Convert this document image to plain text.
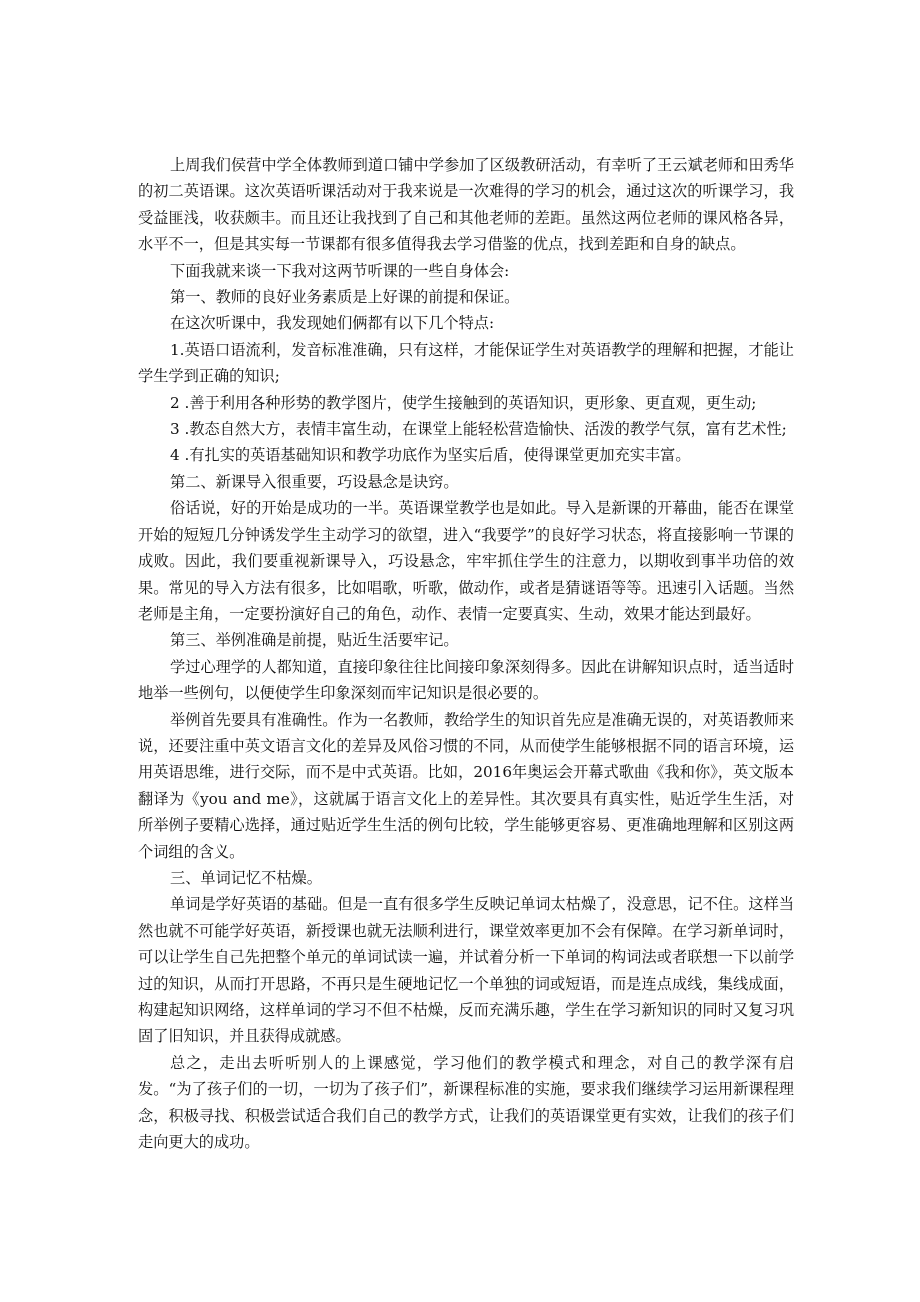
上周我们侯营中学全体教师到道口铺中学参加了区级教研活动，有幸听了王云斌老师和田秀华的初二英语课。这次英语听课活动对于我来说是一次难得的学习的机会，通过这次的听课学习，我受益匪浅，收获颇丰。而且还让我找到了自己和其他老师的差距。虽然这两位老师的课风格各异，水平不一，但是其实每一节课都有很多值得我去学习借鉴的优点，找到差距和自身的缺点。

下面我就来谈一下我对这两节听课的一些自身体会:

第一、教师的良好业务素质是上好课的前提和保证。

在这次听课中，我发现她们俩都有以下几个特点:

1.英语口语流利，发音标准准确，只有这样，才能保证学生对英语教学的理解和把握，才能让学生学到正确的知识;

2 .善于利用各种形势的教学图片，使学生接触到的英语知识，更形象、更直观，更生动;

3 .教态自然大方，表情丰富生动，在课堂上能轻松营造愉快、活泼的教学气氛，富有艺术性;

4 .有扎实的英语基础知识和教学功底作为坚实后盾，使得课堂更加充实丰富。

第二、新课导入很重要，巧设悬念是诀窍。

俗话说，好的开始是成功的一半。英语课堂教学也是如此。导入是新课的开幕曲，能否在课堂开始的短短几分钟诱发学生主动学习的欲望，进入“我要学”的良好学习状态，将直接影响一节课的成败。因此，我们要重视新课导入，巧设悬念，牢牢抓住学生的注意力，以期收到事半功倍的效果。常见的导入方法有很多，比如唱歌，听歌，做动作，或者是猜谜语等等。迅速引入话题。当然老师是主角，一定要扮演好自己的角色，动作、表情一定要真实、生动，效果才能达到最好。

第三、举例准确是前提，贴近生活要牢记。

学过心理学的人都知道，直接印象往往比间接印象深刻得多。因此在讲解知识点时，适当适时地举一些例句，以便使学生印象深刻而牢记知识是很必要的。

举例首先要具有准确性。作为一名教师，教给学生的知识首先应是准确无误的，对英语教师来说，还要注重中英文语言文化的差异及风俗习惯的不同，从而使学生能够根据不同的语言环境，运用英语思维，进行交际，而不是中式英语。比如，2016年奥运会开幕式歌曲《我和你》，英文版本翻译为《you and me》，这就属于语言文化上的差异性。其次要具有真实性，贴近学生生活，对所举例子要精心选择，通过贴近学生生活的例句比较，学生能够更容易、更准确地理解和区别这两个词组的含义。

三、单词记忆不枯燥。

单词是学好英语的基础。但是一直有很多学生反映记单词太枯燥了，没意思，记不住。这样当然也就不可能学好英语，新授课也就无法顺利进行，课堂效率更加不会有保障。在学习新单词时，可以让学生自己先把整个单元的单词试读一遍，并试着分析一下单词的构词法或者联想一下以前学过的知识，从而打开思路，不再只是生硬地记忆一个单独的词或短语，而是连点成线，集线成面，构建起知识网络，这样单词的学习不但不枯燥，反而充满乐趣，学生在学习新知识的同时又复习巩固了旧知识，并且获得成就感。

总之，走出去听听别人的上课感觉，学习他们的教学模式和理念，对自己的教学深有启发。“为了孩子们的一切，一切为了孩子们”，新课程标准的实施，要求我们继续学习运用新课程理念，积极寻找、积极尝试适合我们自己的教学方式，让我们的英语课堂更有实效，让我们的孩子们走向更大的成功。
